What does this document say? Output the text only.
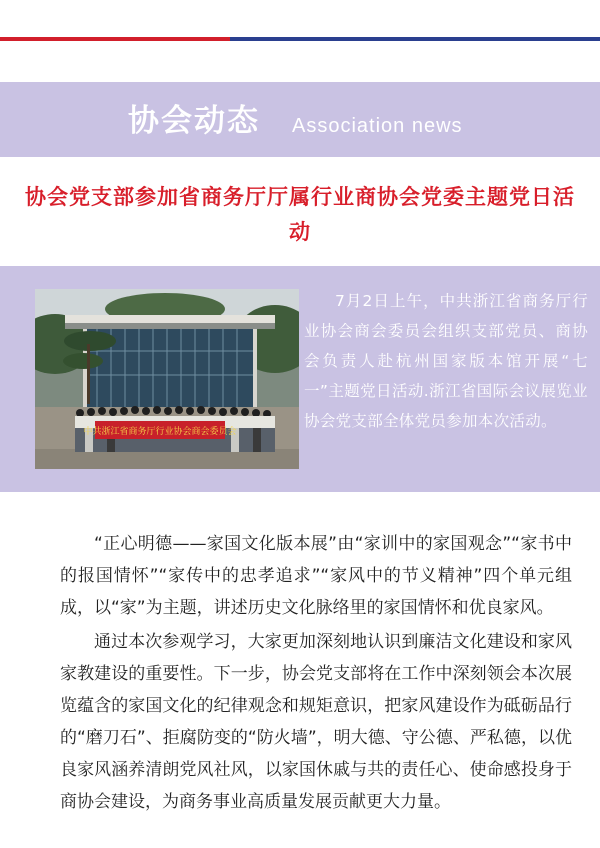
协会动态 Association news
协会党支部参加省商务厅厅属行业商协会党委主题党日活动
中共浙江省商务厅行业协会商会委员会
7月2日上午，中共浙江省商务厅行业协会商会委员会组织支部党员、商协会负责人赴杭州国家版本馆开展“七一”主题党日活动.浙江省国际会议展览业协会党支部全体党员参加本次活动。

“正心明德——家国文化版本展”由“家训中的家国观念”“家书中的报国情怀”“家传中的忠孝追求”“家风中的节义精神”四个单元组成，以“家”为主题，讲述历史文化脉络里的家国情怀和优良家风。

通过本次参观学习，大家更加深刻地认识到廉洁文化建设和家风家教建设的重要性。下一步，协会党支部将在工作中深刻领会本次展览蕴含的家国文化的纪律观念和规矩意识，把家风建设作为砥砺品行的“磨刀石”、拒腐防变的“防火墙”，明大德、守公德、严私德，以优良家风涵养清朗党风社风，以家国休戚与共的责任心、使命感投身于商协会建设，为商务事业高质量发展贡献更大力量。
